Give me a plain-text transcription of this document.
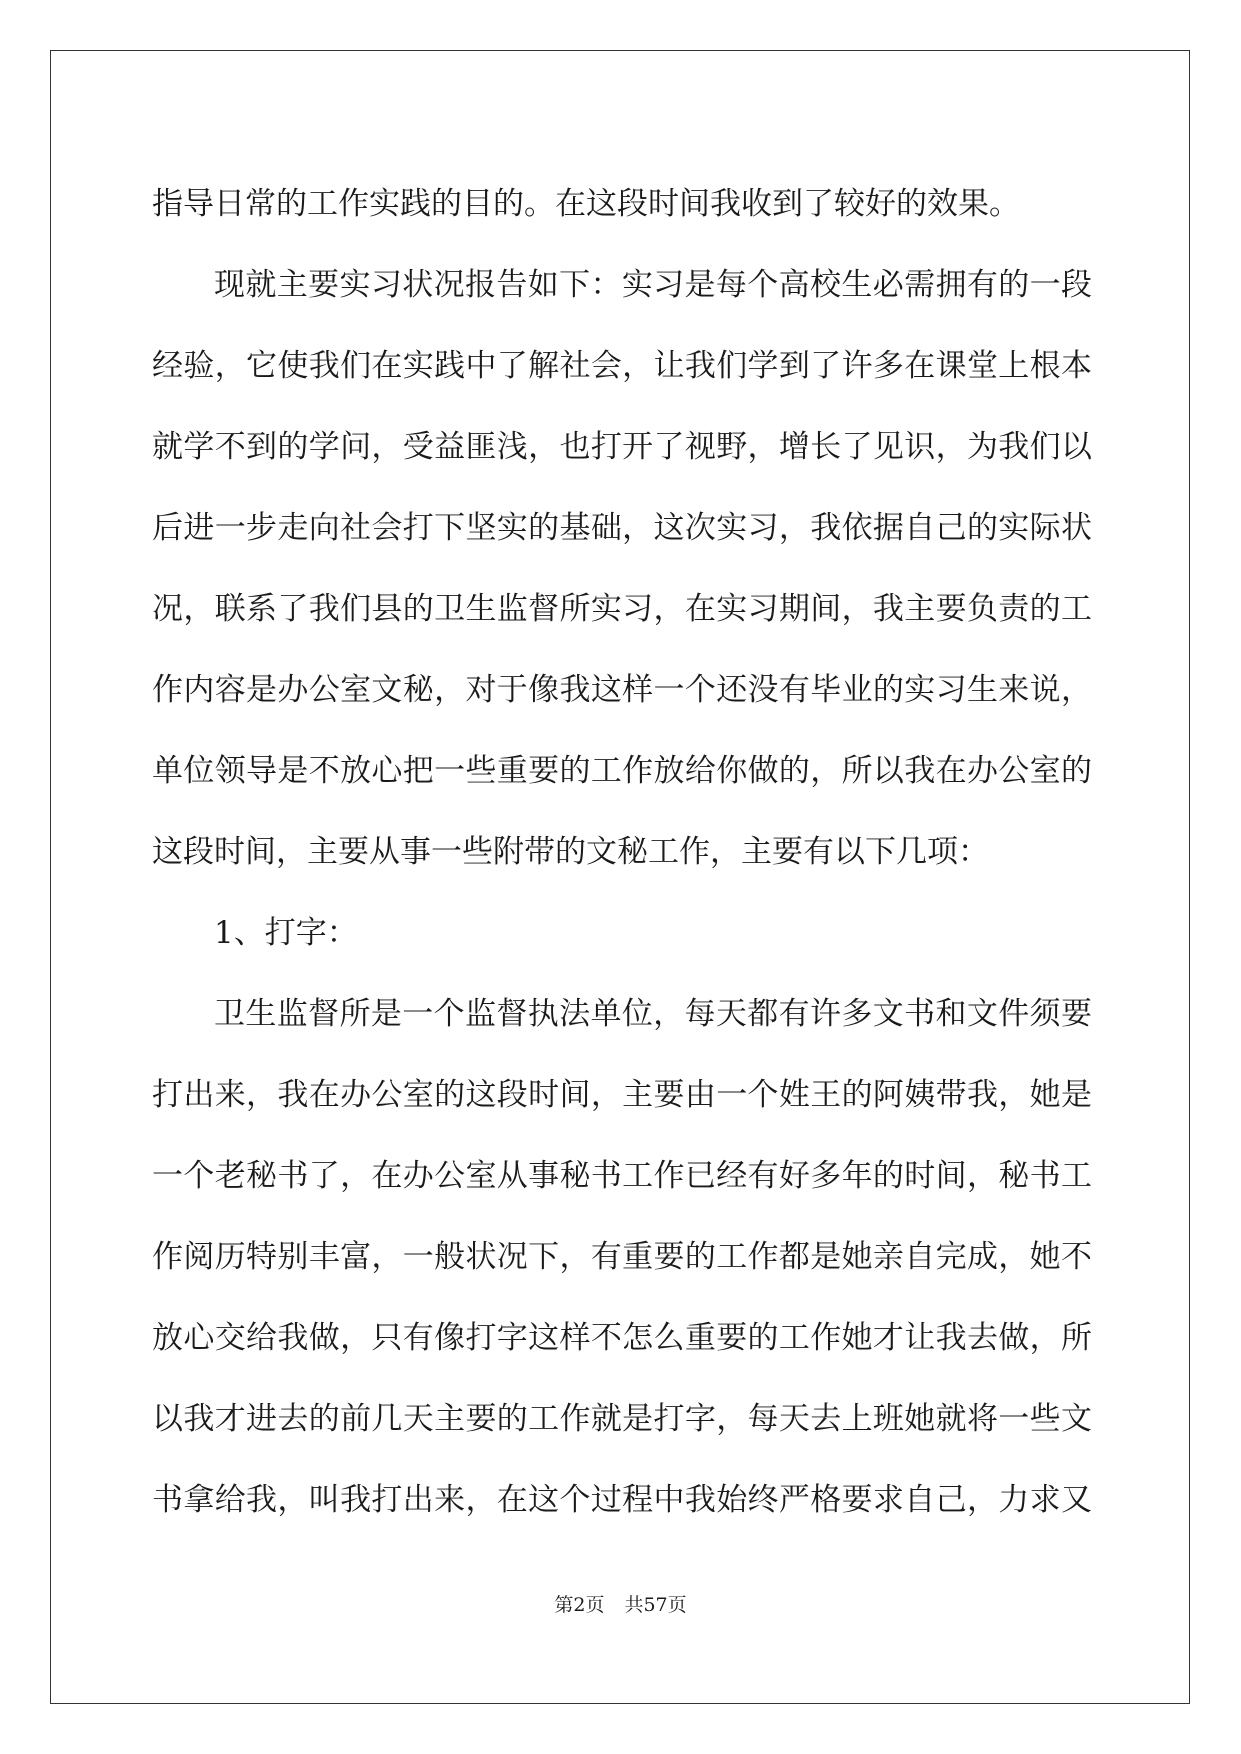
指导日常的工作实践的目的。在这段时间我收到了较好的效果。
现就主要实习状况报告如下：实习是每个高校生必需拥有的一段
经验，它使我们在实践中了解社会，让我们学到了许多在课堂上根本
就学不到的学问，受益匪浅，也打开了视野，增长了见识，为我们以
后进一步走向社会打下坚实的基础，这次实习，我依据自己的实际状
况，联系了我们县的卫生监督所实习，在实习期间，我主要负责的工
作内容是办公室文秘，对于像我这样一个还没有毕业的实习生来说，
单位领导是不放心把一些重要的工作放给你做的，所以我在办公室的
这段时间，主要从事一些附带的文秘工作，主要有以下几项：
1、打字：
卫生监督所是一个监督执法单位，每天都有许多文书和文件须要
打出来，我在办公室的这段时间，主要由一个姓王的阿姨带我，她是
一个老秘书了，在办公室从事秘书工作已经有好多年的时间，秘书工
作阅历特别丰富，一般状况下，有重要的工作都是她亲自完成，她不
放心交给我做，只有像打字这样不怎么重要的工作她才让我去做，所
以我才进去的前几天主要的工作就是打字，每天去上班她就将一些文
书拿给我，叫我打出来，在这个过程中我始终严格要求自己，力求又
第2页 共57页
